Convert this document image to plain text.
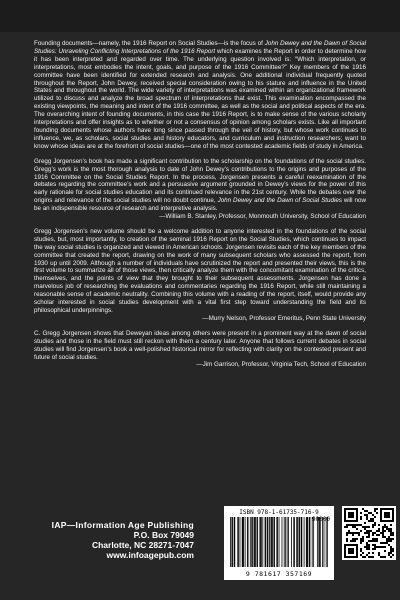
Founding documents—namely, the 1916 Report on Social Studies—is the focus of John Dewey and the Dawn of Social Studies: Unraveling Conflicting Interpretations of the 1916 Report which examines the Report in order to determine how it has been interpreted and regarded over time. The underlying question involved is: “Which interpretation, or interpretations, most embodies the intent, goals, and purpose of the 1916 Committee?” Key members of the 1916 committee have been identified for extended research and analysis. One additional individual frequently quoted throughout the Report, John Dewey, received special consideration owing to his stature and influence in the United States and throughout the world. The wide variety of interpretations was examined within an organizational framework utilized to discuss and analyze the broad spectrum of interpretations that exist. This examination encompassed the existing viewpoints, the meaning and intent of the 1916 committee, as well as the social and political aspects of the era. The overarching intent of founding documents, in this case the 1916 Report, is to make sense of the various scholarly interpretations and offer insights as to whether or not a consensus of opinion among scholars exists. Like all important founding documents whose authors have long since passed through the veil of history, but whose work continues to influence, we, as scholars, social studies and history educators, and curriculum and instruction researchers; want to know whose ideas are at the forefront of social studies—one of the most contested academic fields of study in America.
Gregg Jorgensen’s book has made a significant contribution to the scholarship on the foundations of the social studies. Gregg’s work is the most thorough analysis to date of John Dewey’s contributions to the origins and purposes of the 1916 Committee on the Social Studies Report. In the process, Jorgensen presents a careful reexamination of the debates regarding the committee’s work and a persuasive argument grounded in Dewey’s views for the power of this early rationale for social studies education and its continued relevance in the 21st century. While the debates over the origins and relevance of the social studies will no doubt continue, John Dewey and the Dawn of Social Studies will now be an indispensible resource of research and interpretive analysis.
—William B. Stanley, Professor, Monmouth University, School of Education
Gregg Jorgensen’s new volume should be a welcome addition to anyone interested in the foundations of the social studies, but, most importantly, to creation of the seminal 1916 Report on the Social Studies, which continues to impact the way social studies is organized and viewed in American schools. Jorgensen revisits each of the key members of the committee that created the report, drawing on the work of many subsequent scholars who assessed the report, from 1930 up until 2009. Although a number of individuals have scrutinized the report and presented their views, this is the first volume to summarize all of those views, then critically analyze them with the concomitant examination of the critics, themselves, and the points of view that they brought to their subsequent assessments. Jorgensen has done a marvelous job of researching the evaluations and commentaries regarding the 1916 Report, while still maintaining a reasonable sense of academic neutrality. Combining this volume with a reading of the report, itself, would provide any scholar interested in social studies development with a vital first step toward understanding the field and its philosophical underpinnings.
—Murry Nelson, Professor Emeritus, Penn State University
C. Gregg Jorgensen shows that Deweyan ideas among others were present in a prominent way at the dawn of social studies and those in the field must still reckon with them a century later. Anyone that follows current debates in social studies will find Jorgensen’s book a well-polished historical mirror for reflecting with clarity on the contested present and future of social studies.
—Jim Garrison, Professor, Virginia Tech, School of Education
IAP—Information Age Publishing
P.O. Box 79049
Charlotte, NC 28271-7047
www.infoagepub.com
ISBN 978-1-61735-716-9
90000
9 781617 357169
